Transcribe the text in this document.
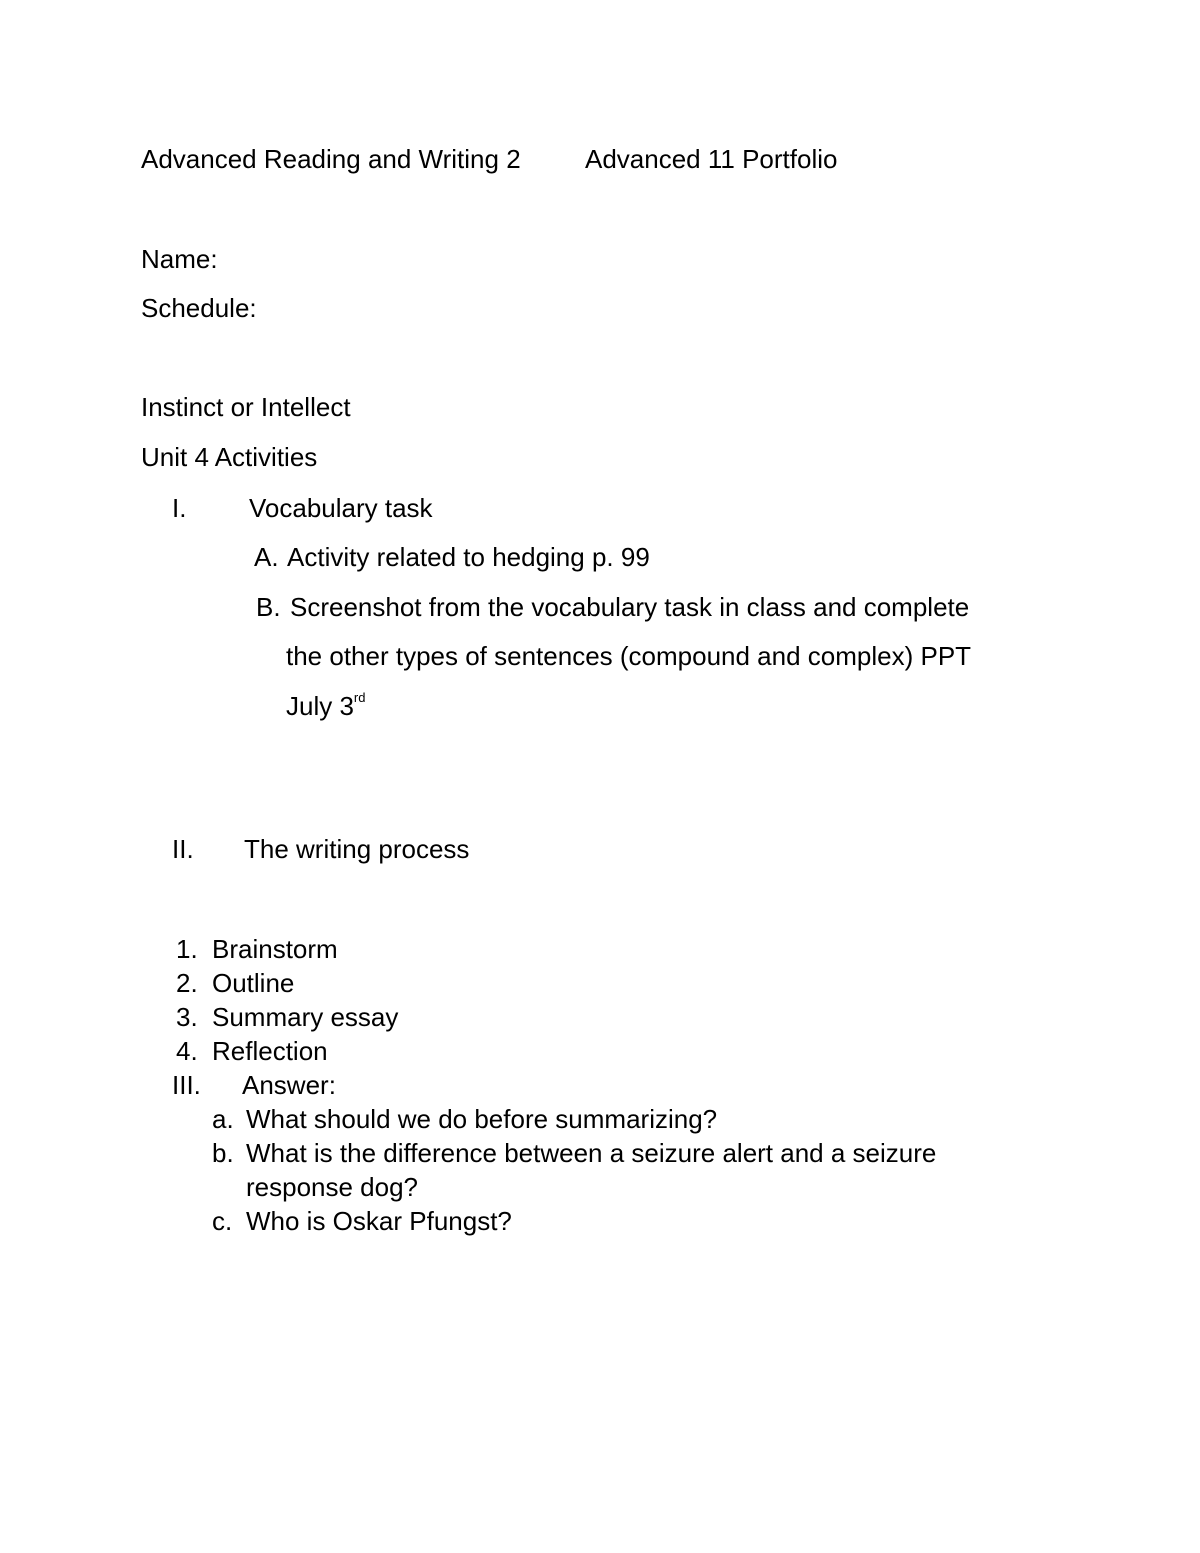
Advanced Reading and Writing 2 Advanced 11 Portfolio
Name:
Schedule:
Instinct or Intellect
Unit 4 Activities
I. Vocabulary task
A. Activity related to hedging p. 99
B. Screenshot from the vocabulary task in class and complete
the other types of sentences (compound and complex) PPT
July 3rd
II. The writing process
1. Brainstorm
2. Outline
3. Summary essay
4. Reflection
III. Answer:
a. What should we do before summarizing?
b. What is the difference between a seizure alert and a seizure
response dog?
c. Who is Oskar Pfungst?
